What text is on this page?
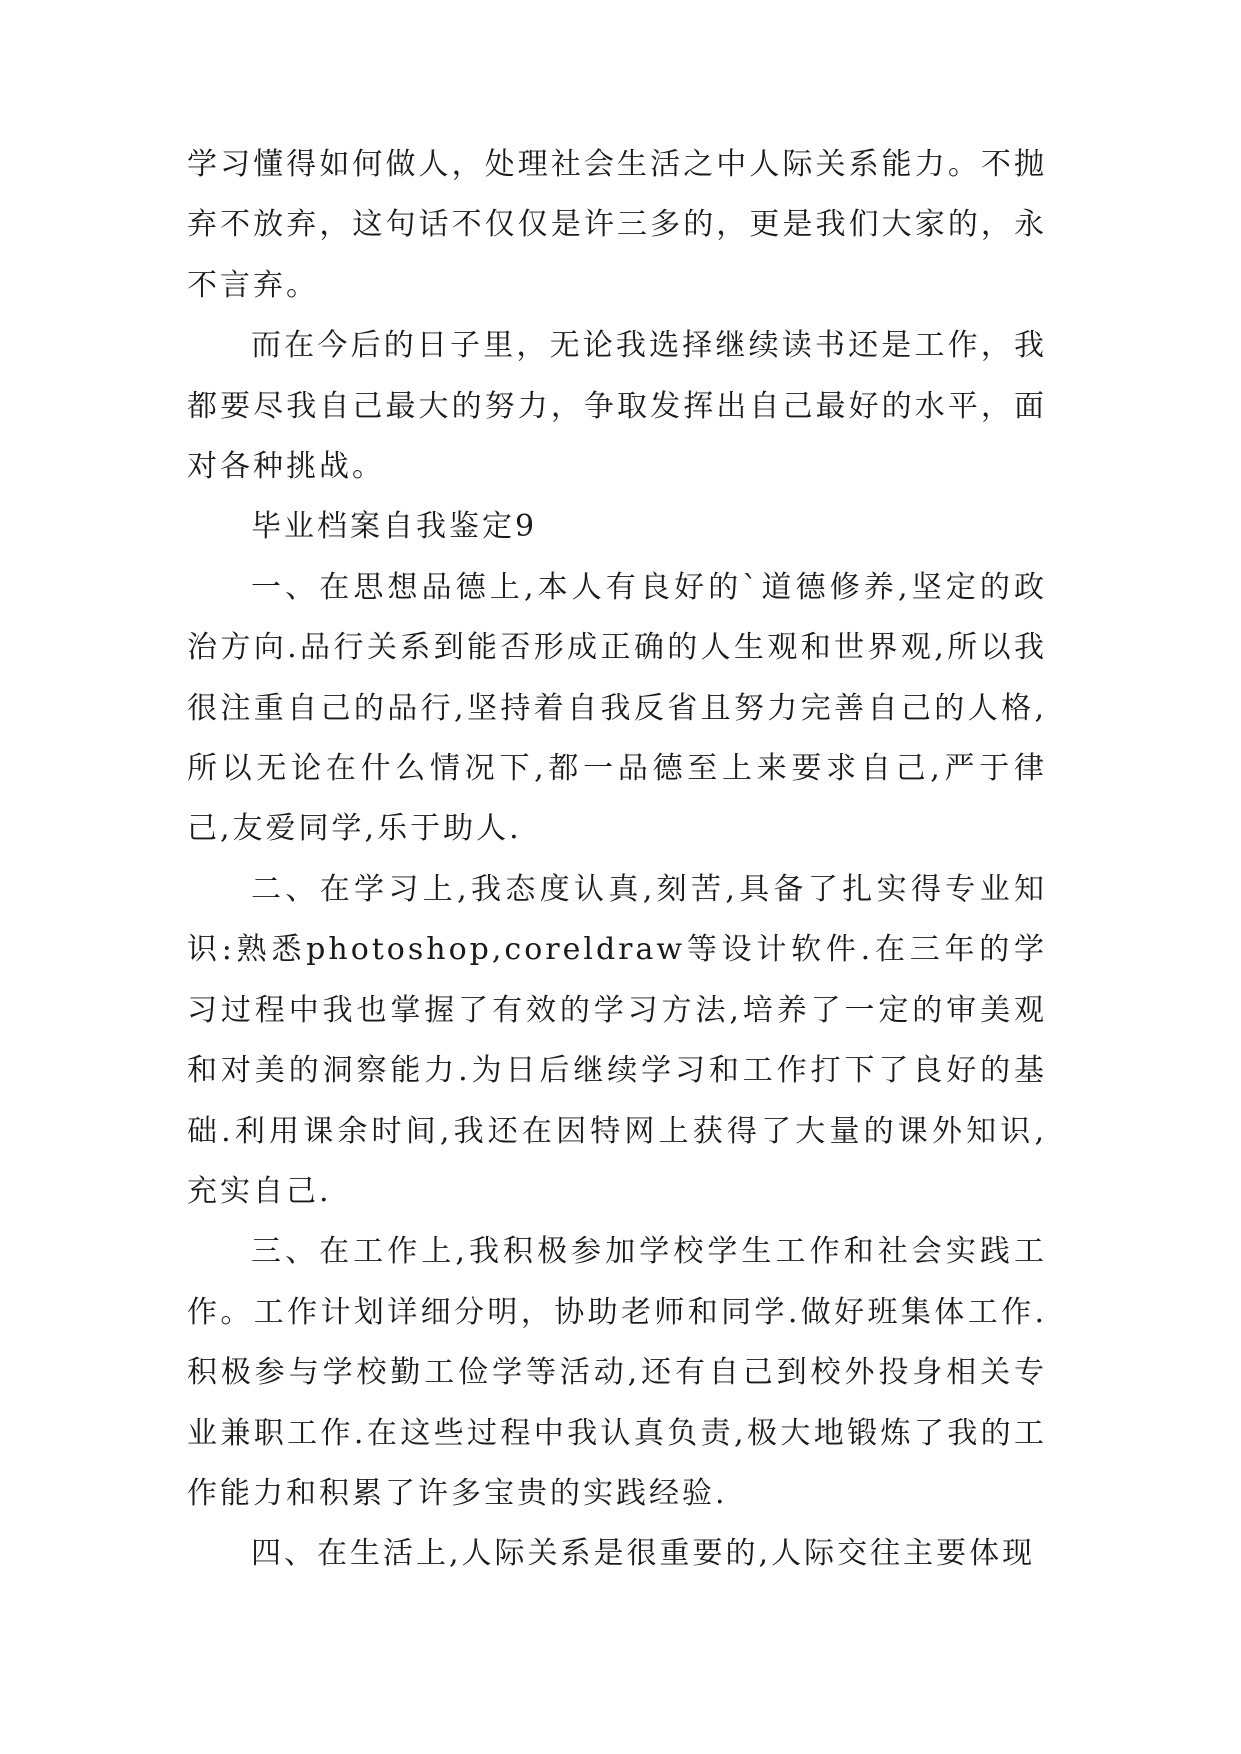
学习懂得如何做人，处理社会生活之中人际关系能力。不抛弃不放弃，这句话不仅仅是许三多的，更是我们大家的，永不言弃。

而在今后的日子里，无论我选择继续读书还是工作，我都要尽我自己最大的努力，争取发挥出自己最好的水平，面对各种挑战。

毕业档案自我鉴定9

一、在思想品德上,本人有良好的`道德修养,坚定的政治方向.品行关系到能否形成正确的人生观和世界观,所以我很注重自己的品行,坚持着自我反省且努力完善自己的人格,所以无论在什么情况下,都一品德至上来要求自己,严于律己,友爱同学,乐于助人.

二、在学习上,我态度认真,刻苦,具备了扎实得专业知识:熟悉photoshop,coreldraw等设计软件.在三年的学习过程中我也掌握了有效的学习方法,培养了一定的审美观和对美的洞察能力.为日后继续学习和工作打下了良好的基础.利用课余时间,我还在因特网上获得了大量的课外知识,充实自己.

三、在工作上,我积极参加学校学生工作和社会实践工作。工作计划详细分明，协助老师和同学.做好班集体工作.积极参与学校勤工俭学等活动,还有自己到校外投身相关专业兼职工作.在这些过程中我认真负责,极大地锻炼了我的工作能力和积累了许多宝贵的实践经验.

四、在生活上,人际关系是很重要的,人际交往主要体现
